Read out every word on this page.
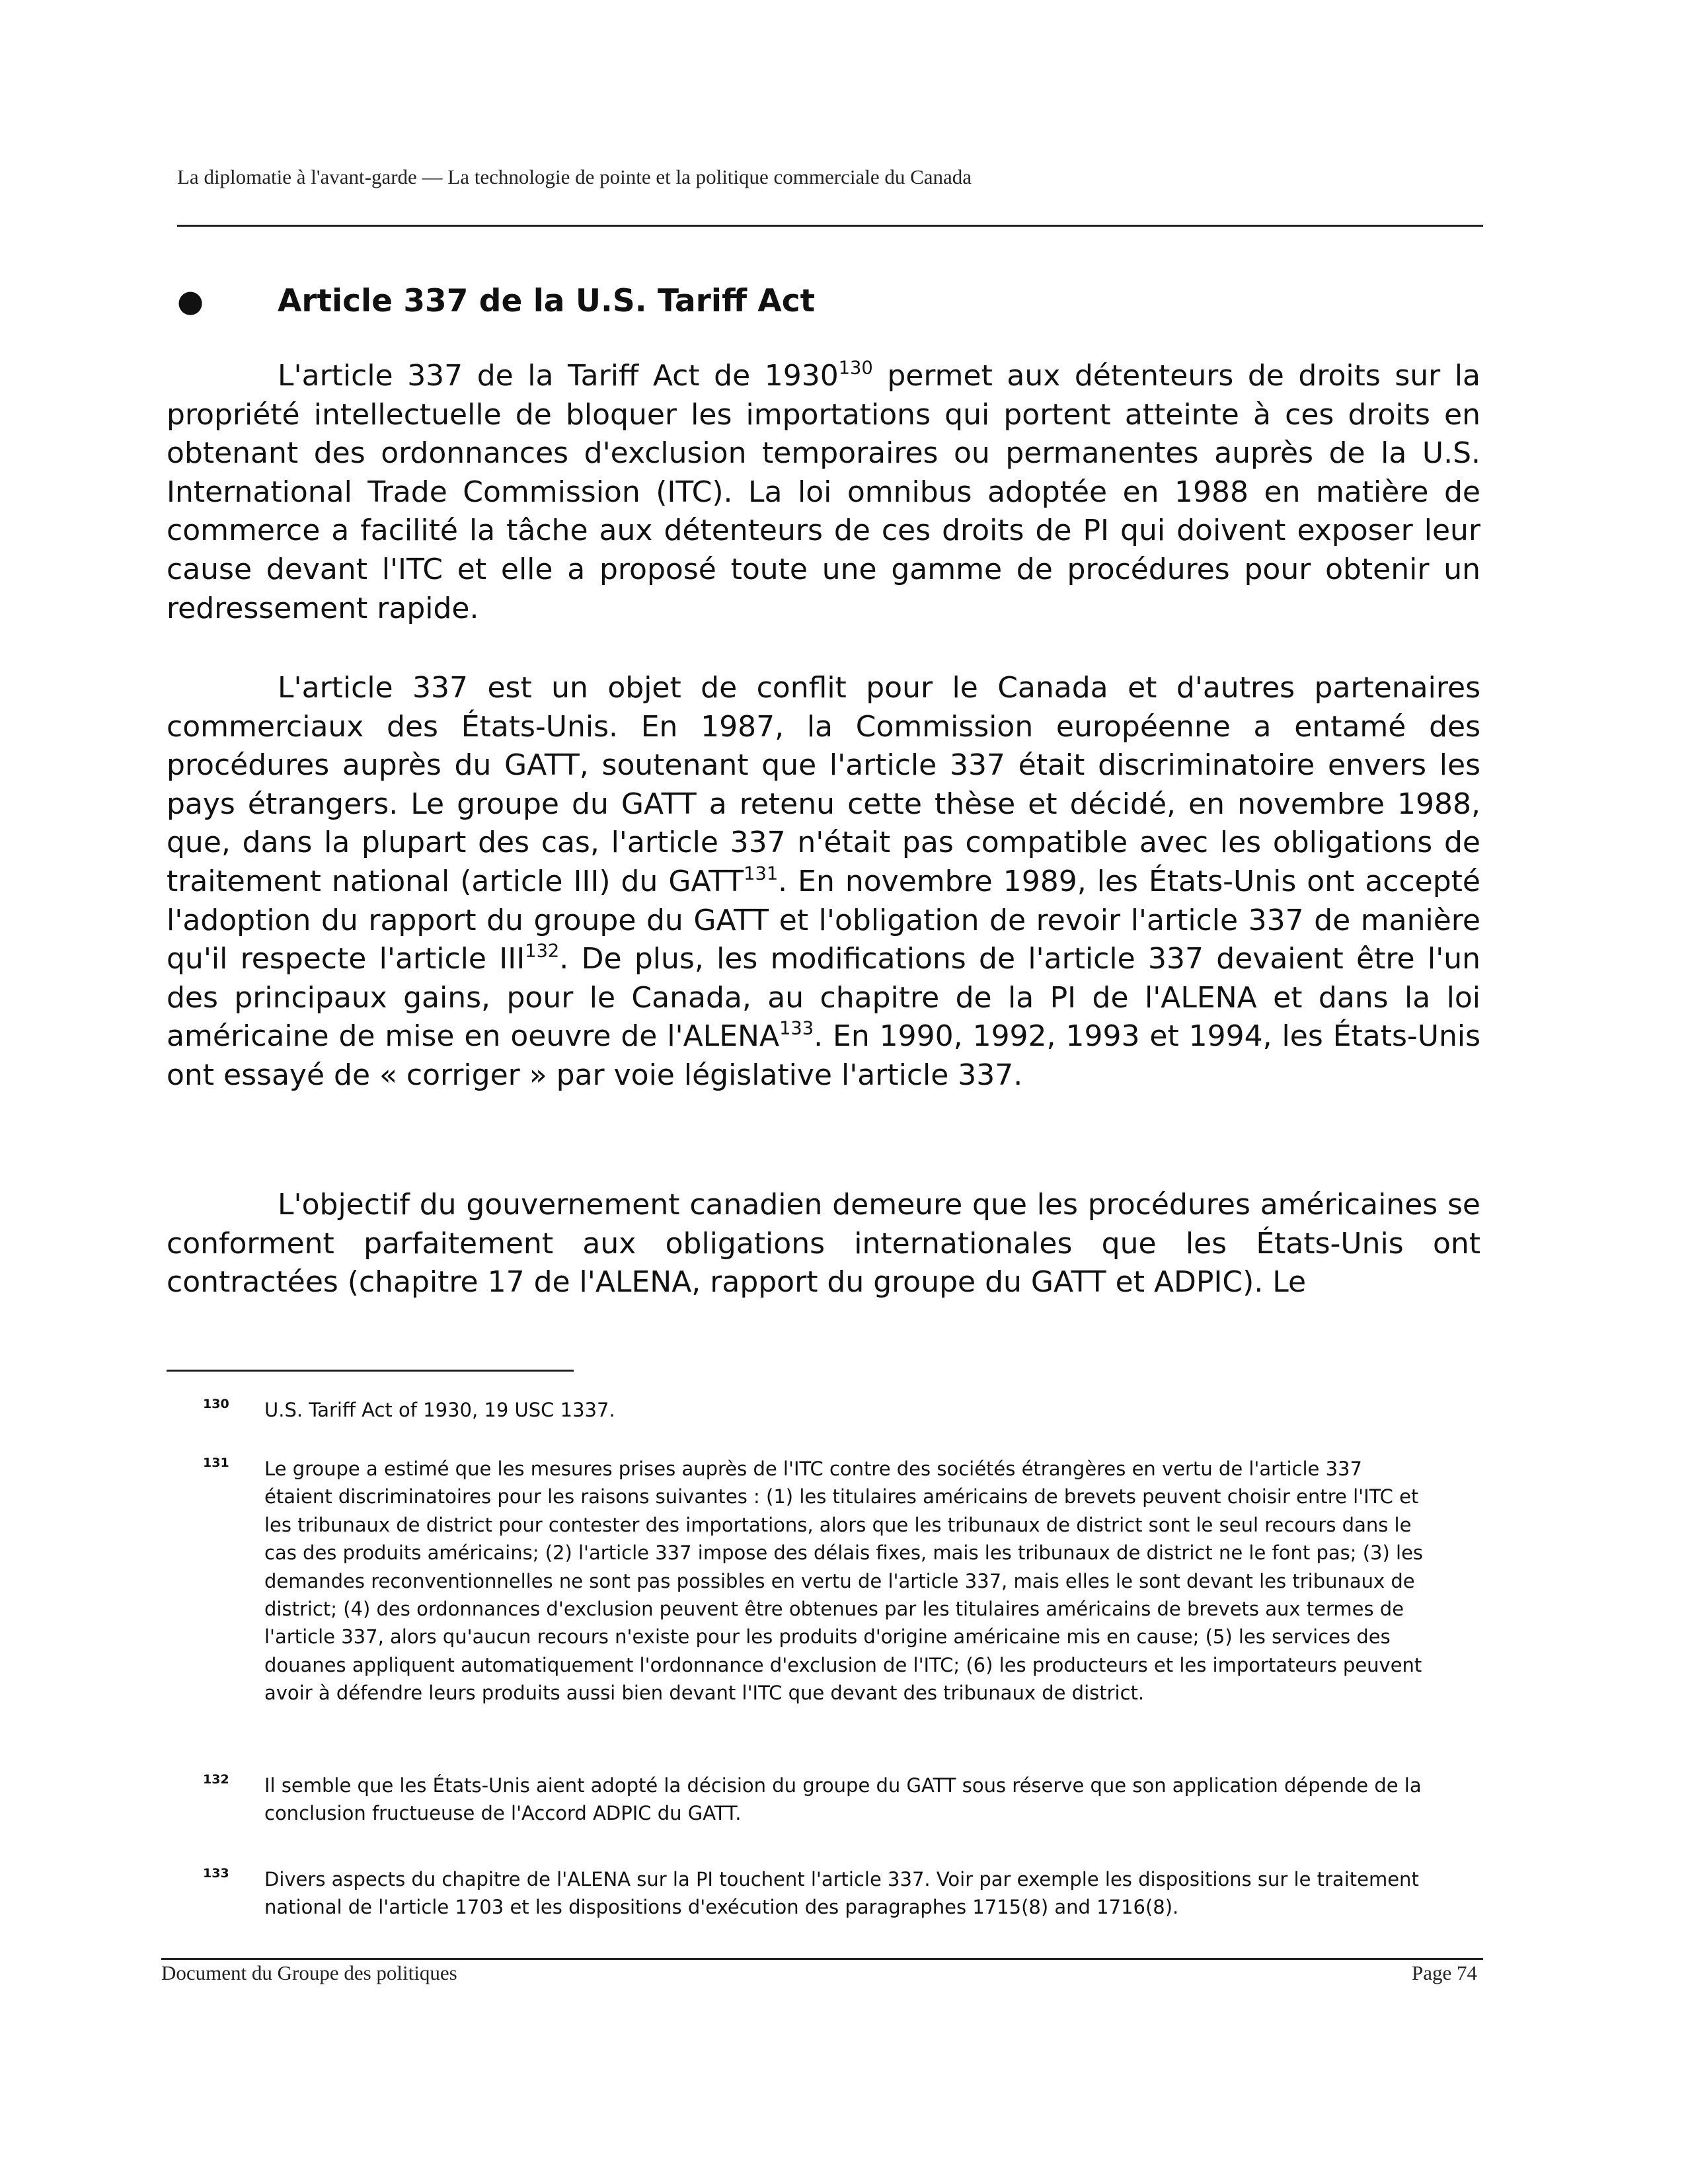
La diplomatie à l'avant-garde — La technologie de pointe et la politique commerciale du Canada
● Article 337 de la U.S. Tariff Act

L'article 337 de la Tariff Act de 1930$^{130}$ permet aux détenteurs de droits sur la propriété intellectuelle de bloquer les importations qui portent atteinte à ces droits en obtenant des ordonnances d'exclusion temporaires ou permanentes auprès de la U.S. International Trade Commission (ITC). La loi omnibus adoptée en 1988 en matière de commerce a facilité la tâche aux détenteurs de ces droits de PI qui doivent exposer leur cause devant l'ITC et elle a proposé toute une gamme de procédures pour obtenir un redressement rapide.

L'article 337 est un objet de conflit pour le Canada et d'autres partenaires commerciaux des États-Unis. En 1987, la Commission européenne a entamé des procédures auprès du GATT, soutenant que l'article 337 était discriminatoire envers les pays étrangers. Le groupe du GATT a retenu cette thèse et décidé, en novembre 1988, que, dans la plupart des cas, l'article 337 n'était pas compatible avec les obligations de traitement national (article III) du GATT$^{131}$. En novembre 1989, les États-Unis ont accepté l'adoption du rapport du groupe du GATT et l'obligation de revoir l'article 337 de manière qu'il respecte l'article III$^{132}$. De plus, les modifications de l'article 337 devaient être l'un des principaux gains, pour le Canada, au chapitre de la PI de l'ALENA et dans la loi américaine de mise en oeuvre de l'ALENA$^{133}$. En 1990, 1992, 1993 et 1994, les États-Unis ont essayé de « corriger » par voie législative l'article 337.

L'objectif du gouvernement canadien demeure que les procédures américaines se conforment parfaitement aux obligations internationales que les États-Unis ont contractées (chapitre 17 de l'ALENA, rapport du groupe du GATT et ADPIC). Le

130 U.S. Tariff Act of 1930, 19 USC 1337.

131 Le groupe a estimé que les mesures prises auprès de l'ITC contre des sociétés étrangères en vertu de l'article 337 étaient discriminatoires pour les raisons suivantes : (1) les titulaires américains de brevets peuvent choisir entre l'ITC et les tribunaux de district pour contester des importations, alors que les tribunaux de district sont le seul recours dans le cas des produits américains; (2) l'article 337 impose des délais fixes, mais les tribunaux de district ne le font pas; (3) les demandes reconventionnelles ne sont pas possibles en vertu de l'article 337, mais elles le sont devant les tribunaux de district; (4) des ordonnances d'exclusion peuvent être obtenues par les titulaires américains de brevets aux termes de l'article 337, alors qu'aucun recours n'existe pour les produits d'origine américaine mis en cause; (5) les services des douanes appliquent automatiquement l'ordonnance d'exclusion de l'ITC; (6) les producteurs et les importateurs peuvent avoir à défendre leurs produits aussi bien devant l'ITC que devant des tribunaux de district.

132 Il semble que les États-Unis aient adopté la décision du groupe du GATT sous réserve que son application dépende de la conclusion fructueuse de l'Accord ADPIC du GATT.

133 Divers aspects du chapitre de l'ALENA sur la PI touchent l'article 337. Voir par exemple les dispositions sur le traitement national de l'article 1703 et les dispositions d'exécution des paragraphes 1715(8) and 1716(8).

Document du Groupe des politiques	Page 74
